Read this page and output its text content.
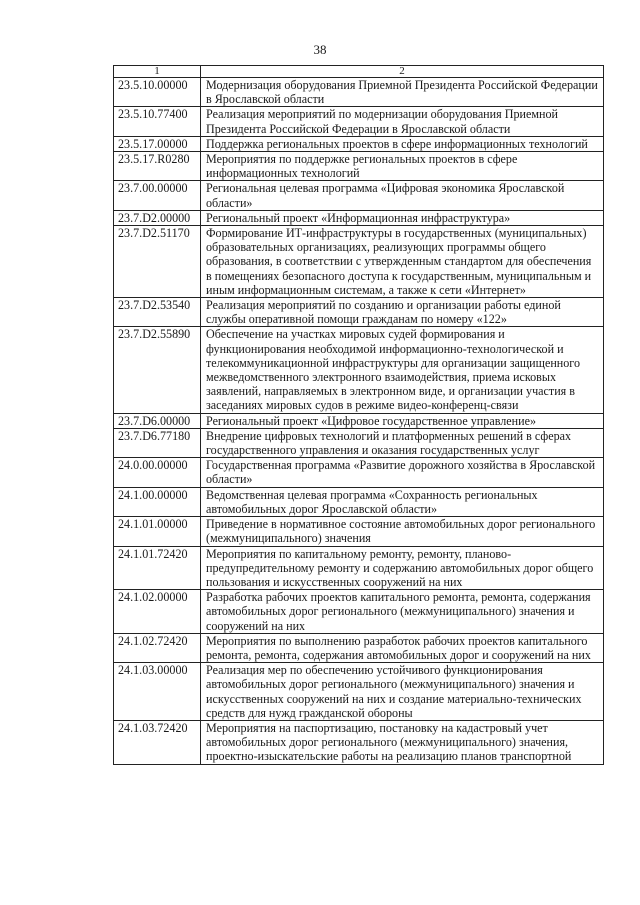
38
1	2
23.5.10.00000	Модернизация оборудования Приемной Президента Российской Федерации в Ярославской области
23.5.10.77400	Реализация мероприятий по модернизации оборудования Приемной Президента Российской Федерации в Ярославской области
23.5.17.00000	Поддержка региональных проектов в сфере информационных технологий
23.5.17.R0280	Мероприятия по поддержке региональных проектов в сфере информационных технологий
23.7.00.00000	Региональная целевая программа «Цифровая экономика Ярославской области»
23.7.D2.00000	Региональный проект «Информационная инфраструктура»
23.7.D2.51170	Формирование ИТ-инфраструктуры в государственных (муниципальных) образовательных организациях, реализующих программы общего образования, в соответствии с утвержденным стандартом для обеспечения в помещениях безопасного доступа к государственным, муниципальным и иным информационным системам, а также к сети «Интернет»
23.7.D2.53540	Реализация мероприятий по созданию и организации работы единой службы оперативной помощи гражданам по номеру «122»
23.7.D2.55890	Обеспечение на участках мировых судей формирования и функционирования необходимой информационно-технологической и телекоммуникационной инфраструктуры для организации защищенного межведомственного электронного взаимодействия, приема исковых заявлений, направляемых в электронном виде, и организации участия в заседаниях мировых судов в режиме видео-конференц-связи
23.7.D6.00000	Региональный проект «Цифровое государственное управление»
23.7.D6.77180	Внедрение цифровых технологий и платформенных решений в сферах государственного управления и оказания государственных услуг
24.0.00.00000	Государственная программа «Развитие дорожного хозяйства в Ярославской области»
24.1.00.00000	Ведомственная целевая программа «Сохранность региональных автомобильных дорог Ярославской области»
24.1.01.00000	Приведение в нормативное состояние автомобильных дорог регионального (межмуниципального) значения
24.1.01.72420	Мероприятия по капитальному ремонту, ремонту, планово-предупредительному ремонту и содержанию автомобильных дорог общего пользования и искусственных сооружений на них
24.1.02.00000	Разработка рабочих проектов капитального ремонта, ремонта, содержания автомобильных дорог регионального (межмуниципального) значения и сооружений на них
24.1.02.72420	Мероприятия по выполнению разработок рабочих проектов капитального ремонта, ремонта, содержания автомобильных дорог и сооружений на них
24.1.03.00000	Реализация мер по обеспечению устойчивого функционирования автомобильных дорог регионального (межмуниципального) значения и искусственных сооружений на них и создание материально-технических средств для нужд гражданской обороны
24.1.03.72420	Мероприятия на паспортизацию, постановку на кадастровый учет автомобильных дорог регионального (межмуниципального) значения, проектно-изыскательские работы на реализацию планов транспортной
